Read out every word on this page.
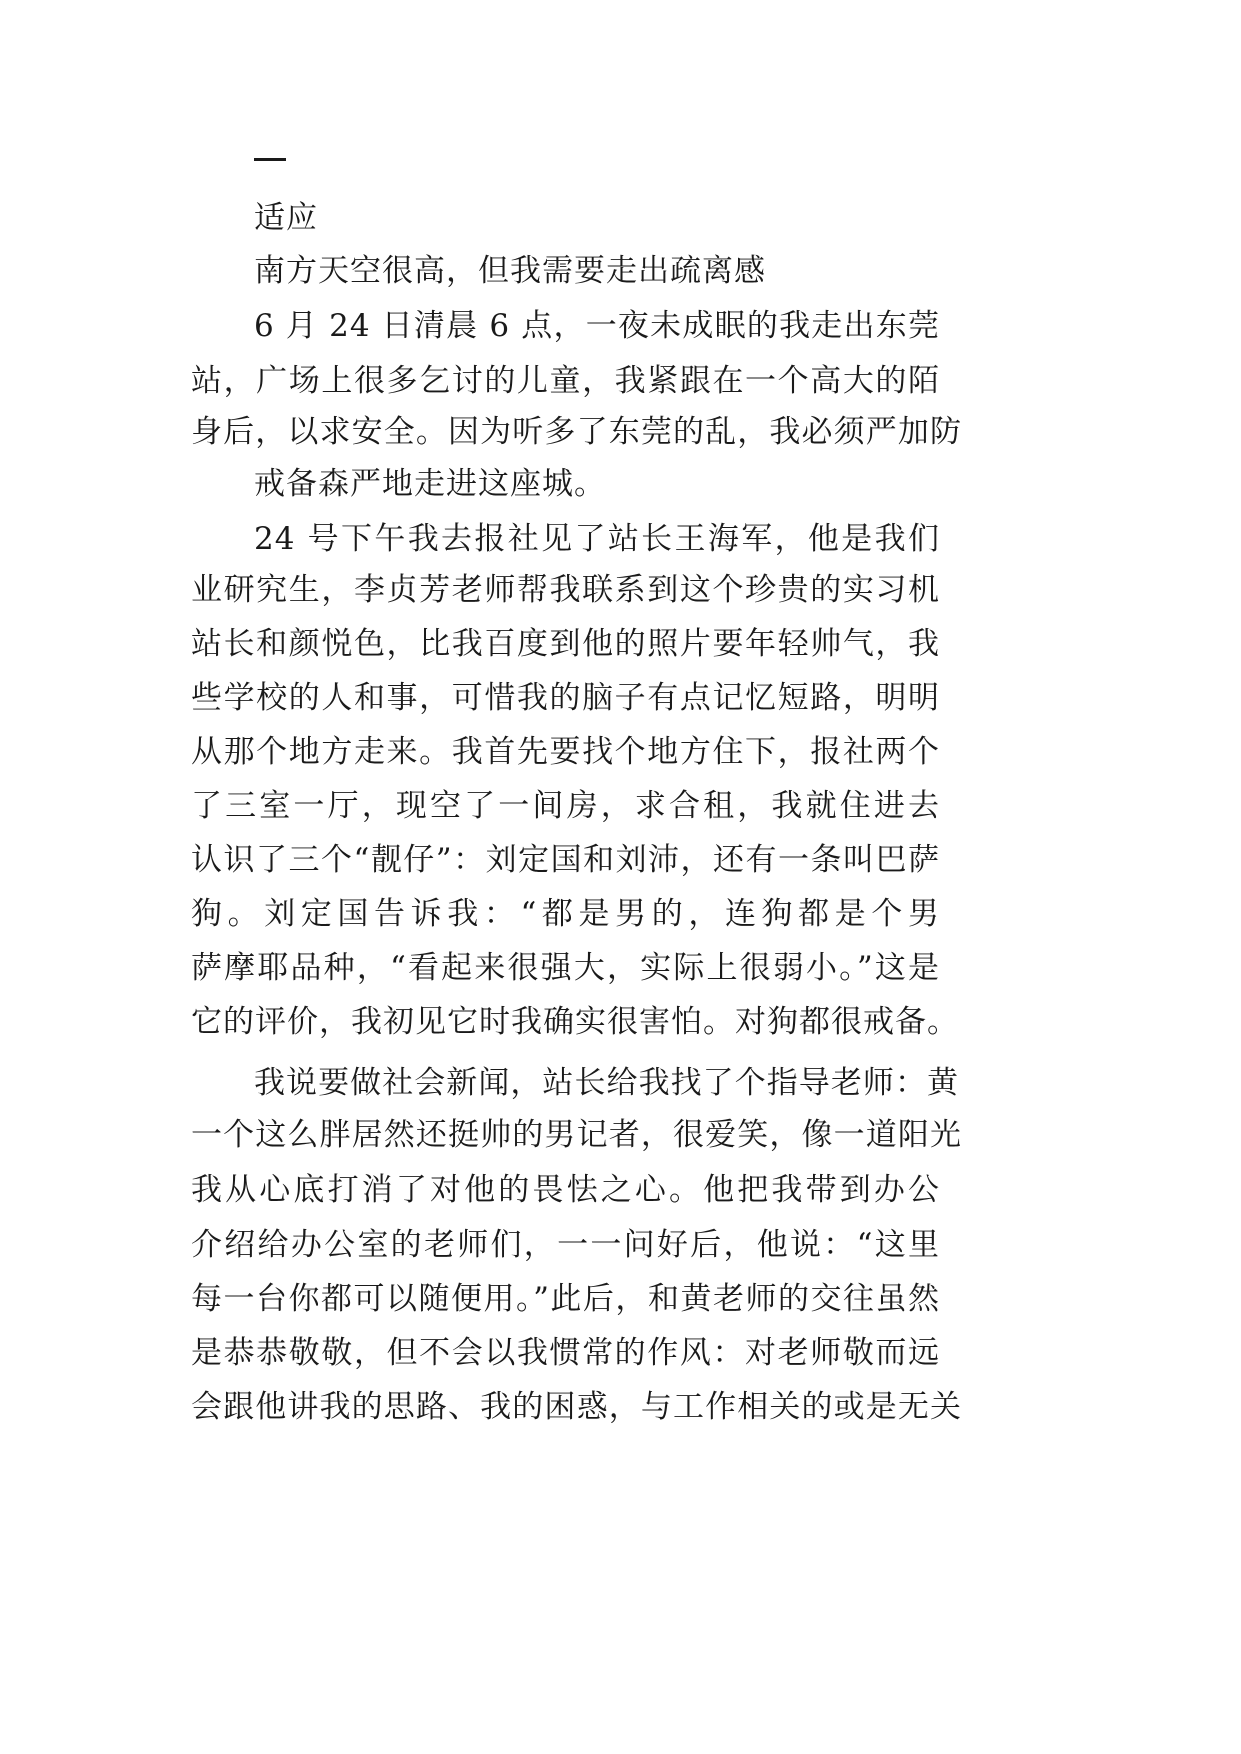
适应
南方天空很高，但我需要走出疏离感
6 月 24 日清晨 6 点，一夜未成眠的我走出东莞
站，广场上很多乞讨的儿童，我紧跟在一个高大的陌
身后，以求安全。因为听多了东莞的乱，我必须严加防
戒备森严地走进这座城。
24 号下午我去报社见了站长王海军，他是我们
业研究生，李贞芳老师帮我联系到这个珍贵的实习机
站长和颜悦色，比我百度到他的照片要年轻帅气，我
些学校的人和事，可惜我的脑子有点记忆短路，明明
从那个地方走来。我首先要找个地方住下，报社两个
了三室一厅，现空了一间房，求合租，我就住进去
认识了三个“靓仔”：刘定国和刘沛，还有一条叫巴萨
狗。刘定国告诉我：“都是男的，连狗都是个男
萨摩耶品种，“看起来很强大，实际上很弱小。”这是
它的评价，我初见它时我确实很害怕。对狗都很戒备。
我说要做社会新闻，站长给我找了个指导老师：黄
一个这么胖居然还挺帅的男记者，很爱笑，像一道阳光
我从心底打消了对他的畏怯之心。他把我带到办公
介绍给办公室的老师们，一一问好后，他说：“这里
每一台你都可以随便用。”此后，和黄老师的交往虽然
是恭恭敬敬，但不会以我惯常的作风：对老师敬而远
会跟他讲我的思路、我的困惑，与工作相关的或是无关
